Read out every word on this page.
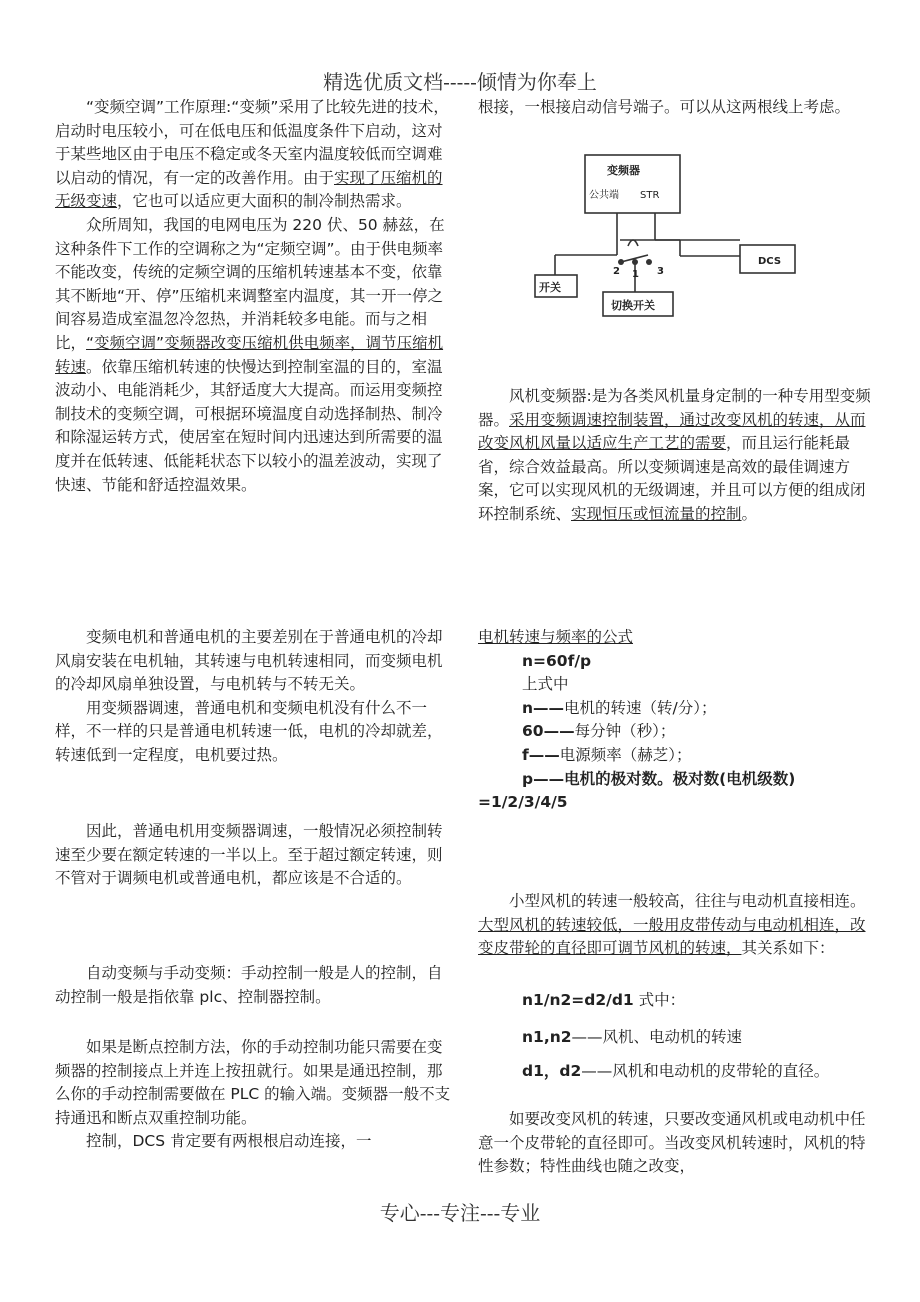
精选优质文档-----倾情为你奉上

“变频空调”工作原理:“变频”采用了比较先进的技术，启动时电压较小，可在低电压和低温度条件下启动，这对于某些地区由于电压不稳定或冬天室内温度较低而空调难以启动的情况，有一定的改善作用。由于实现了压缩机的无级变速，它也可以适应更大面积的制冷制热需求。

众所周知，我国的电网电压为 220 伏、50 赫兹，在这种条件下工作的空调称之为“定频空调”。由于供电频率不能改变，传统的定频空调的压缩机转速基本不变，依靠其不断地“开、停”压缩机来调整室内温度，其一开一停之间容易造成室温忽冷忽热，并消耗较多电能。而与之相比，“变频空调”变频器改变压缩机供电频率，调节压缩机转速。依靠压缩机转速的快慢达到控制室温的目的，室温波动小、电能消耗少，其舒适度大大提高。而运用变频控制技术的变频空调，可根据环境温度自动选择制热、制冷和除湿运转方式，使居室在短时间内迅速达到所需要的温度并在低转速、低能耗状态下以较小的温差波动，实现了快速、节能和舒适控温效果。

变频电机和普通电机的主要差别在于普通电机的冷却风扇安装在电机轴，其转速与电机转速相同，而变频电机的冷却风扇单独设置，与电机转与不转无关。

用变频器调速，普通电机和变频电机没有什么不一样，不一样的只是普通电机转速一低，电机的冷却就差，转速低到一定程度，电机要过热。

因此，普通电机用变频器调速，一般情况必须控制转速至少要在额定转速的一半以上。至于超过额定转速，则不管对于调频电机或普通电机，都应该是不合适的。

自动变频与手动变频：手动控制一般是人的控制，自动控制一般是指依靠 plc、控制器控制。

如果是断点控制方法，你的手动控制功能只需要在变频器的控制接点上并连上按扭就行。如果是通迅控制，那么你的手动控制需要做在 PLC 的输入端。变频器一般不支持通迅和断点双重控制功能。

控制，DCS 肯定要有两根根启动连接，一

根接，一根接启动信号端子。可以从这两根线上考虑。

变频器
公共端 STR
DCS
开关
切换开关
1
2	3

风机变频器:是为各类风机量身定制的一种专用型变频器。采用变频调速控制装置，通过改变风机的转速，从而改变风机风量以适应生产工艺的需要，而且运行能耗最省，综合效益最高。所以变频调速是高效的最佳调速方案，它可以实现风机的无级调速，并且可以方便的组成闭环控制系统、实现恒压或恒流量的控制。

电机转速与频率的公式

n=60f/p

上式中

n——电机的转速（转/分）；

60——每分钟（秒）；

f——电源频率（赫芝）；

p——电机的极对数。极对数(电机级数)

=1/2/3/4/5

小型风机的转速一般较高，往往与电动机直接相连。大型风机的转速较低，一般用皮带传动与电动机相连，改变皮带轮的直径即可调节风机的转速，其关系如下：

n1/n2=d2/d1 式中：

n1,n2——风机、电动机的转速

d1，d2——风机和电动机的皮带轮的直径。

如要改变风机的转速，只要改变通风机或电动机中任意一个皮带轮的直径即可。当改变风机转速时，风机的特性参数；特性曲线也随之改变，

专心---专注---专业
